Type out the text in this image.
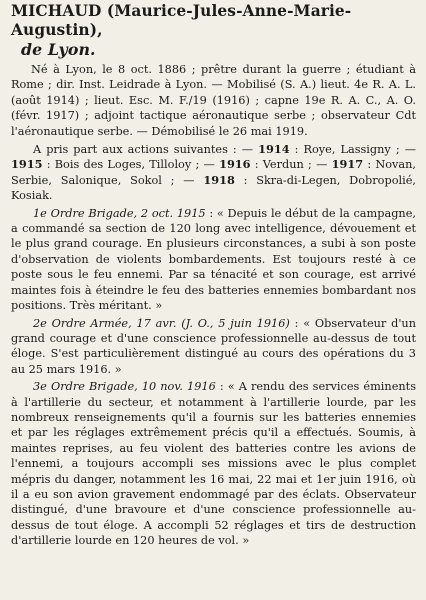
MICHAUD (Maurice-Jules-Anne-Marie-Augustin),
de Lyon.

Né à Lyon, le 8 oct. 1886 ; prêtre durant la guerre ; étudiant à Rome ; dir. Inst. Leidrade à Lyon. — Mobilisé (S. A.) lieut. 4e R. A. L. (août 1914) ; lieut. Esc. M. F./19 (1916) ; capne 19e R. A. C., A. O. (févr. 1917) ; adjoint tactique aéronautique serbe ; observateur Cdt l'aéronautique serbe. — Démobilisé le 26 mai 1919.

A pris part aux actions suivantes : — 1914 : Roye, Lassigny ; — 1915 : Bois des Loges, Tilloloy ; — 1916 : Verdun ; — 1917 : Novan, Serbie, Salonique, Sokol ; — 1918 : Skra-di-Legen, Dobropolié, Kosiak.

1e Ordre Brigade, 2 oct. 1915 : « Depuis le début de la campagne, a commandé sa section de 120 long avec intelligence, dévouement et le plus grand courage. En plusieurs circonstances, a subi à son poste d'observation de violents bombardements. Est toujours resté à ce poste sous le feu ennemi. Par sa ténacité et son courage, est arrivé maintes fois à éteindre le feu des batteries ennemies bombardant nos positions. Très méritant. »

2e Ordre Armée, 17 avr. (J. O., 5 juin 1916) : « Observateur d'un grand courage et d'une conscience professionnelle au-dessus de tout éloge. S'est particulièrement distingué au cours des opérations du 3 au 25 mars 1916. »

3e Ordre Brigade, 10 nov. 1916 : « A rendu des services éminents à l'artillerie du secteur, et notamment à l'artillerie lourde, par les nombreux renseignements qu'il a fournis sur les batteries ennemies et par les réglages extrêmement précis qu'il a effectués. Soumis, à maintes reprises, au feu violent des batteries contre les avions de l'ennemi, a toujours accompli ses missions avec le plus complet mépris du danger, notamment les 16 mai, 22 mai et 1er juin 1916, où il a eu son avion gravement endommagé par des éclats. Observateur distingué, d'une bravoure et d'une conscience professionnelle au-dessus de tout éloge. A accompli 52 réglages et tirs de destruction d'artillerie lourde en 120 heures de vol. »
